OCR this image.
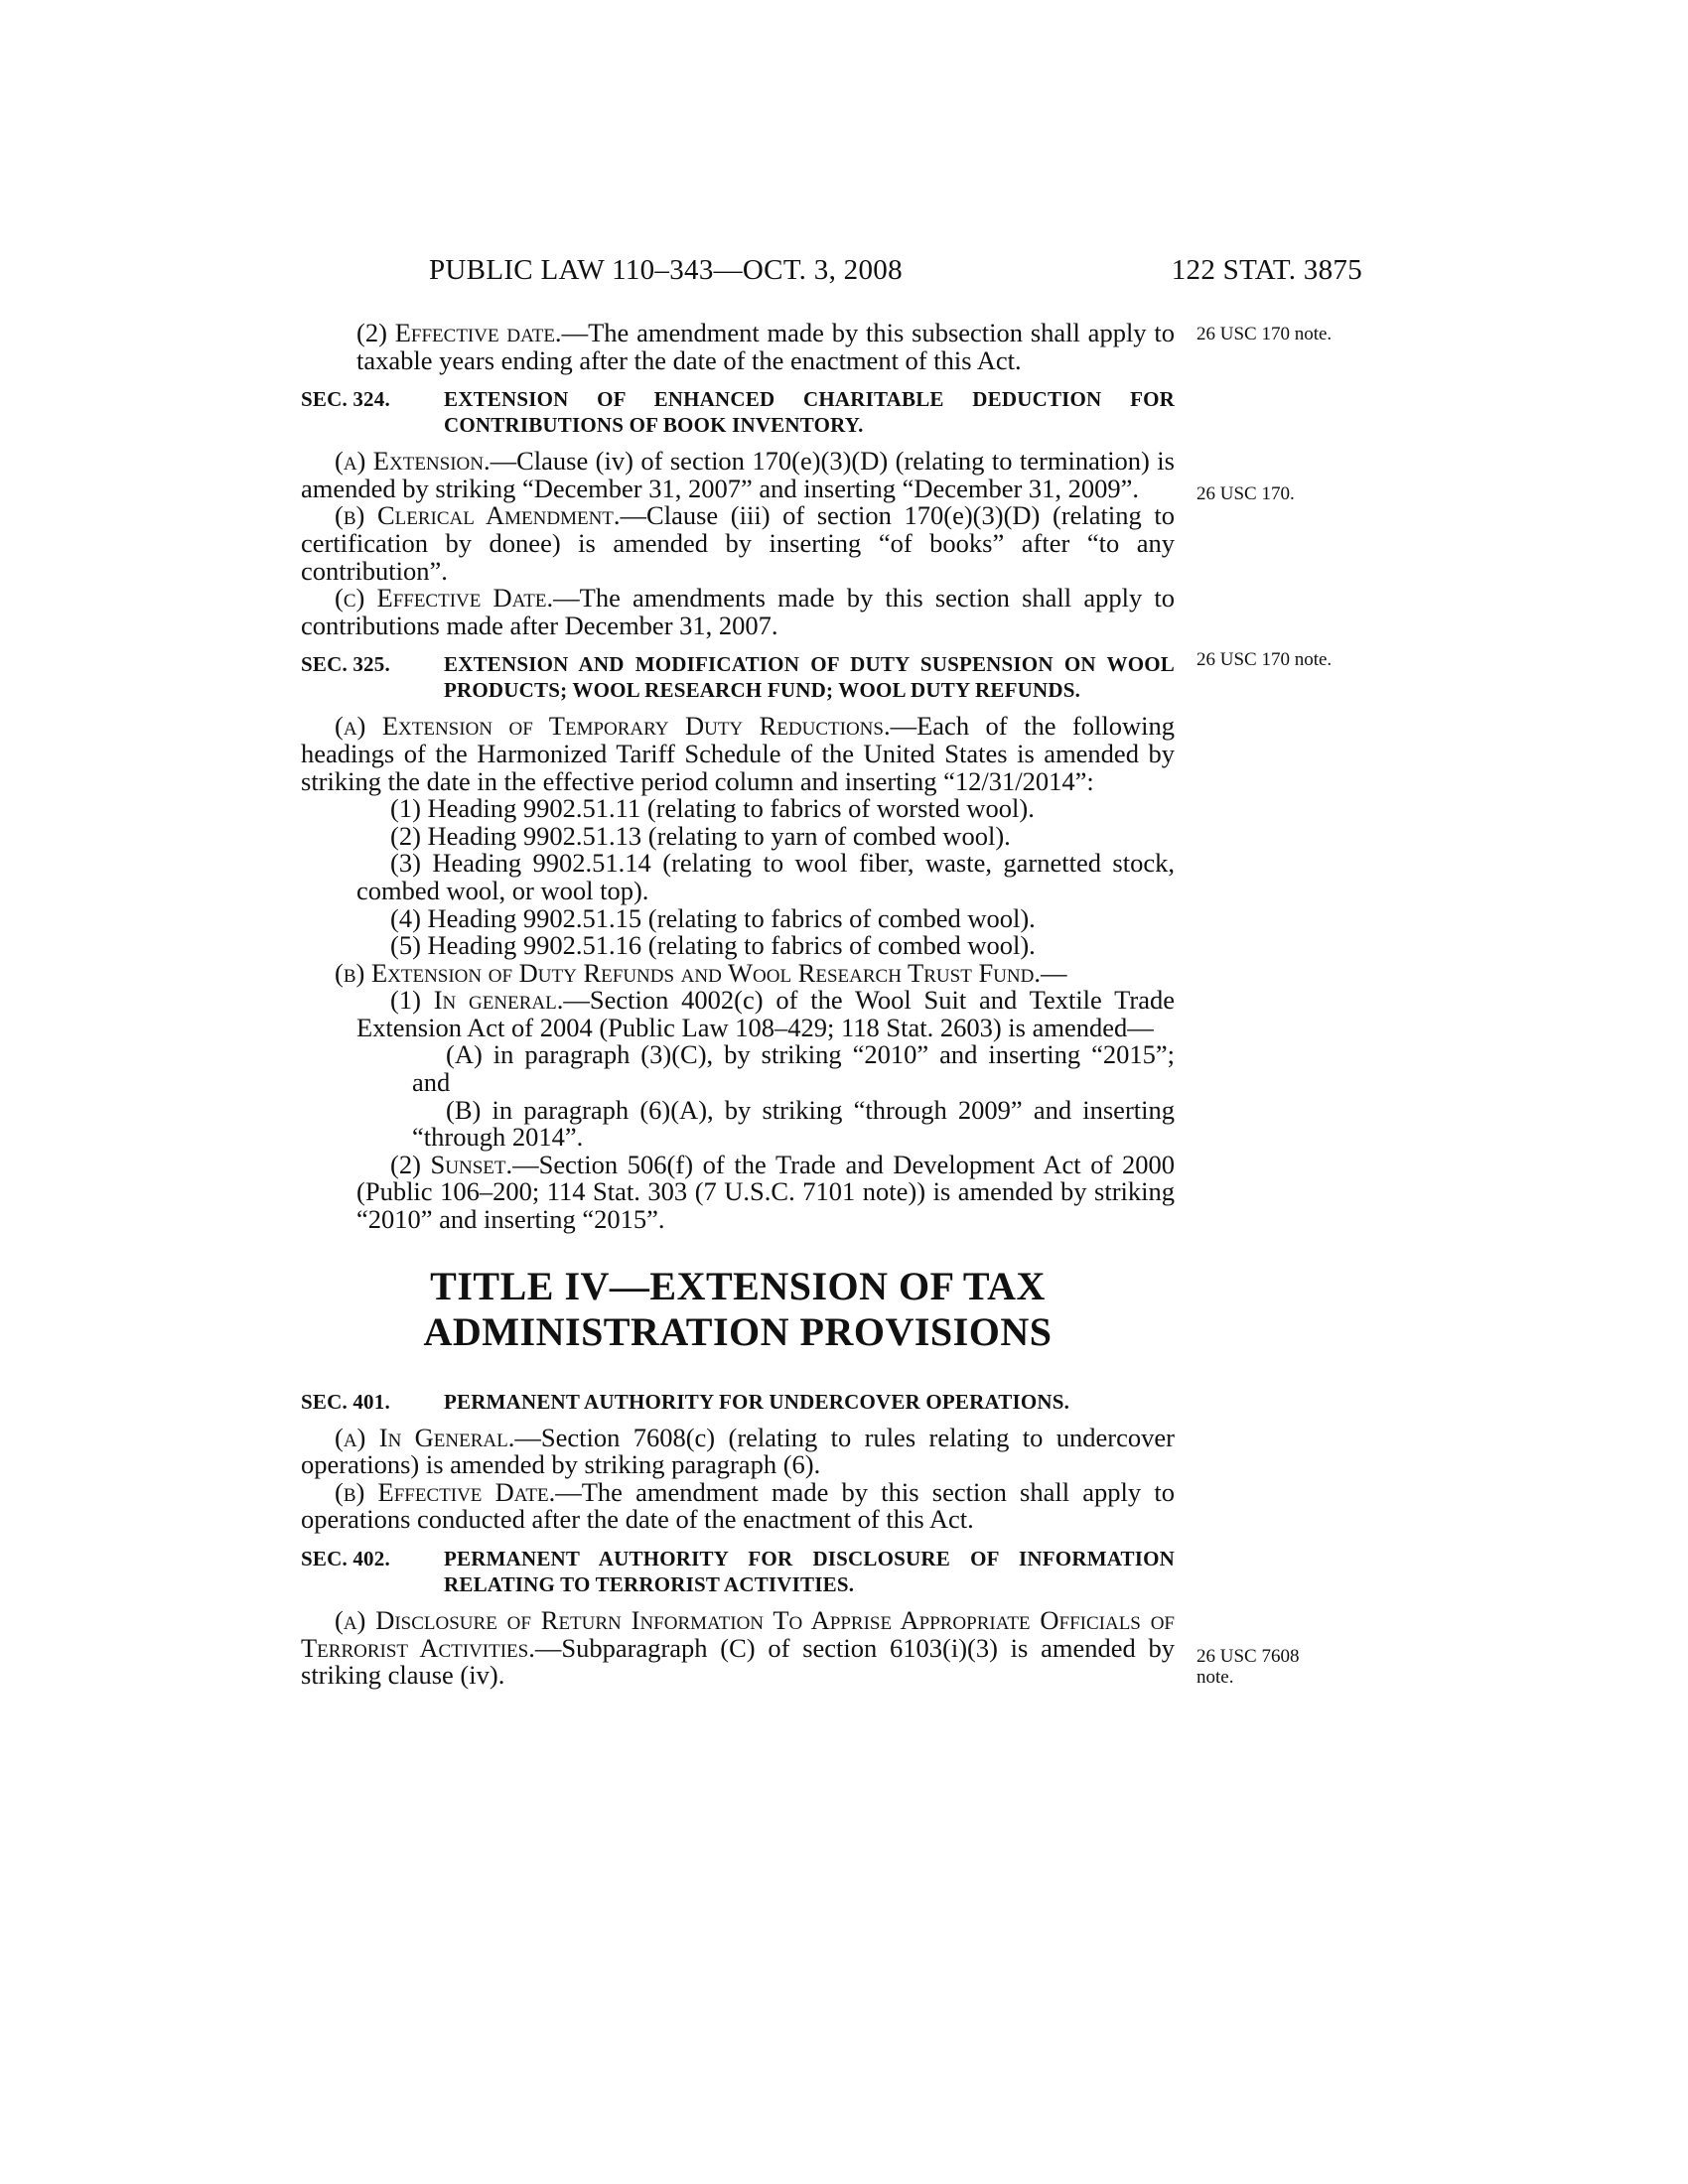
PUBLIC LAW 110–343—OCT. 3, 2008	122 STAT. 3875
26 USC 170 note.
26 USC 170.
26 USC 170 note.
26 USC 7608
note.

(2) Effective date.—The amendment made by this subsection shall apply to taxable years ending after the date of the enactment of this Act.

SEC. 324.	EXTENSION OF ENHANCED CHARITABLE DEDUCTION FOR CONTRIBUTIONS OF BOOK INVENTORY.

(a) Extension.—Clause (iv) of section 170(e)(3)(D) (relating to termination) is amended by striking “December 31, 2007” and inserting “December 31, 2009”.

(b) Clerical Amendment.—Clause (iii) of section 170(e)(3)(D) (relating to certification by donee) is amended by inserting “of books” after “to any contribution”.

(c) Effective Date.—The amendments made by this section shall apply to contributions made after December 31, 2007.

SEC. 325.	EXTENSION AND MODIFICATION OF DUTY SUSPENSION ON WOOL PRODUCTS; WOOL RESEARCH FUND; WOOL DUTY REFUNDS.

(a) Extension of Temporary Duty Reductions.—Each of the following headings of the Harmonized Tariff Schedule of the United States is amended by striking the date in the effective period column and inserting “12/31/2014”:

(1) Heading 9902.51.11 (relating to fabrics of worsted wool).

(2) Heading 9902.51.13 (relating to yarn of combed wool).

(3) Heading 9902.51.14 (relating to wool fiber, waste, garnetted stock, combed wool, or wool top).

(4) Heading 9902.51.15 (relating to fabrics of combed wool).

(5) Heading 9902.51.16 (relating to fabrics of combed wool).

(b) Extension of Duty Refunds and Wool Research Trust Fund.—

(1) In general.—Section 4002(c) of the Wool Suit and Textile Trade Extension Act of 2004 (Public Law 108–429; 118 Stat. 2603) is amended—

(A) in paragraph (3)(C), by striking “2010” and inserting “2015”; and

(B) in paragraph (6)(A), by striking “through 2009” and inserting “through 2014”.

(2) Sunset.—Section 506(f) of the Trade and Development Act of 2000 (Public 106–200; 114 Stat. 303 (7 U.S.C. 7101 note)) is amended by striking “2010” and inserting “2015”.

TITLE IV—EXTENSION OF TAX
ADMINISTRATION PROVISIONS
SEC. 401.	PERMANENT AUTHORITY FOR UNDERCOVER OPERATIONS.

(a) In General.—Section 7608(c) (relating to rules relating to undercover operations) is amended by striking paragraph (6).

(b) Effective Date.—The amendment made by this section shall apply to operations conducted after the date of the enactment of this Act.

SEC. 402.	PERMANENT AUTHORITY FOR DISCLOSURE OF INFORMATION RELATING TO TERRORIST ACTIVITIES.

(a) Disclosure of Return Information To Apprise Appropriate Officials of Terrorist Activities.—Subparagraph (C) of section 6103(i)(3) is amended by striking clause (iv).
